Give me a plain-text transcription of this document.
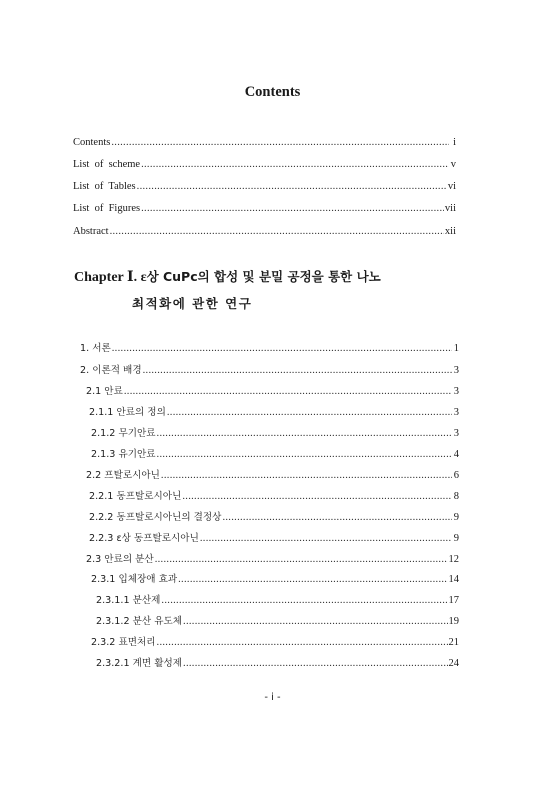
Contents
Contents .....	i
List  of  scheme .....	v
List  of  Tables .....	vi
List  of  Figures .....	vii
Abstract .....	xii
Chapter Ⅰ. ε상 CuPc의 합성 및 분밀 공정을 통한 나노
최적화에 관한 연구
1. 서론 .....	1
2. 이론적 배경 .....	3
2.1 안료 .....	3
2.1.1 안료의 정의 .....	3
2.1.2 무기안료 .....	3
2.1.3 유기안료 .....	4
2.2 프탈로시아닌 .....	6
2.2.1 동프탈로시아닌 .....	8
2.2.2 동프탈로시아닌의 결정상 .....	9
2.2.3 ε상 동프탈로시아닌 .....	9
2.3 안료의 분산 .....	12
2.3.1 입체장애 효과 .....	14
2.3.1.1 분산제 .....	17
2.3.1.2 분산 유도체 .....	19
2.3.2 표면처리 .....	21
2.3.2.1 계면 활성제 .....	24
- i -
